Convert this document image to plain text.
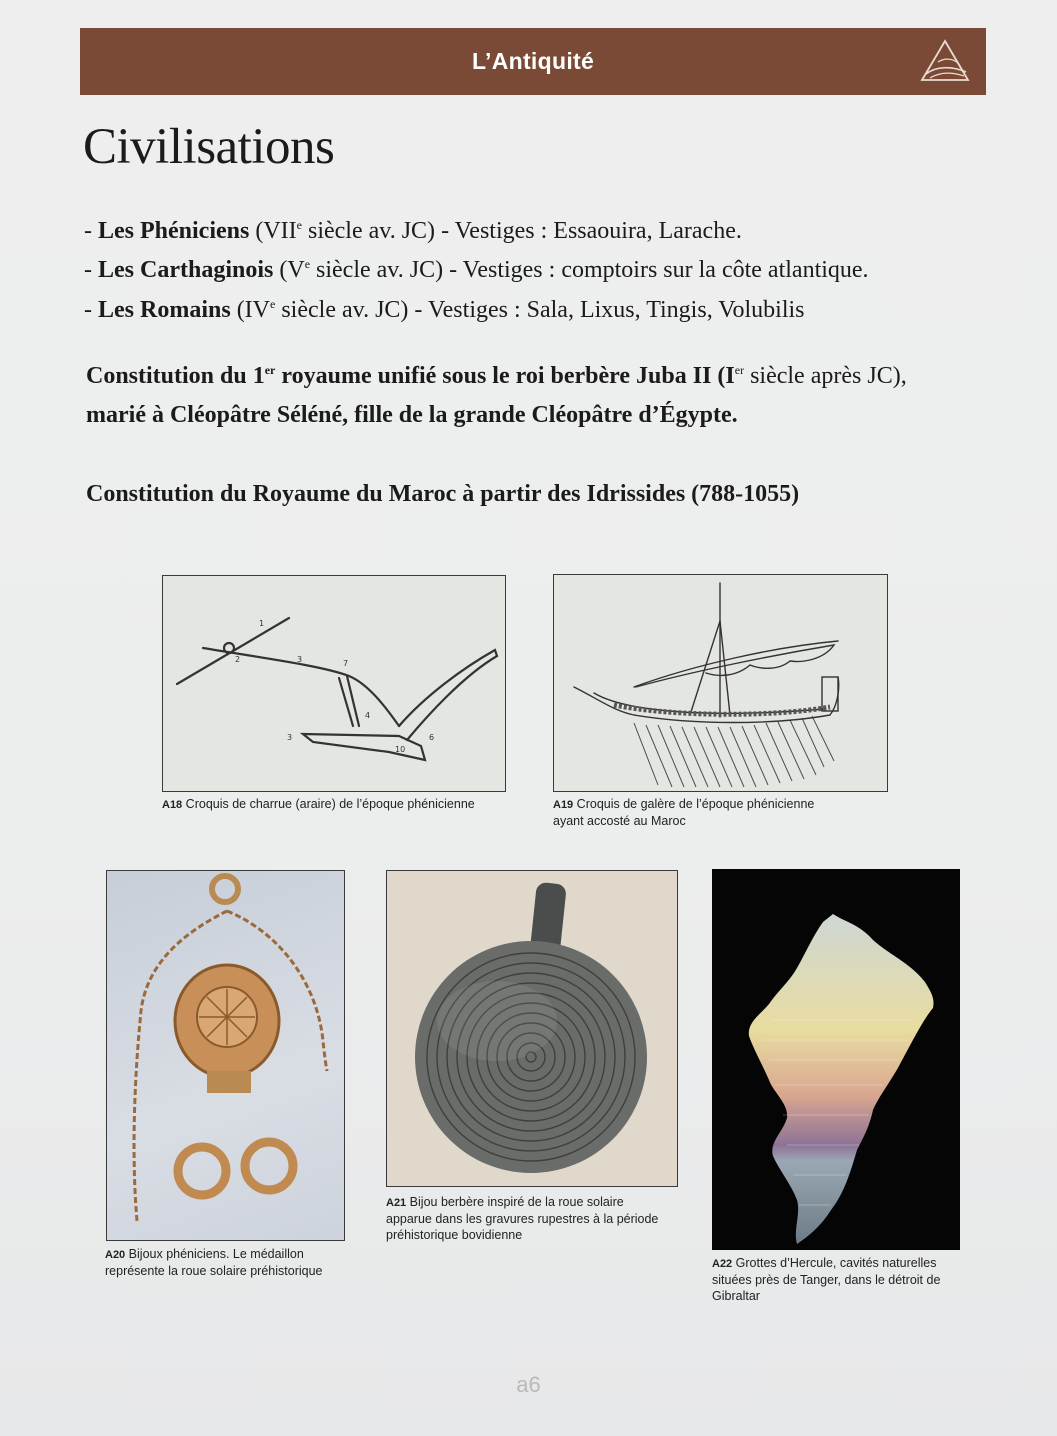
L’Antiquité
Civilisations
- Les Phéniciens (VIIe siècle av. JC) - Vestiges : Essaouira, Larache.
- Les Carthaginois (Ve siècle av. JC) - Vestiges : comptoirs sur la côte atlantique.
- Les Romains (IVe siècle av. JC) - Vestiges : Sala, Lixus, Tingis, Volubilis
Constitution du 1er royaume unifié sous le roi berbère Juba II (Ier siècle après JC),
marié à Cléopâtre Séléné, fille de la grande Cléopâtre d’Égypte.
Constitution du Royaume du Maroc à partir des Idrissides (788-1055)
1
2	3	7
4
3
10
6
A18 Croquis de charrue (araire) de l’époque phénicienne	A19 Croquis de galère de l’époque phénicienne
ayant accosté au Maroc
A20 Bijoux phéniciens. Le médaillon
représente la roue solaire préhistorique
A21 Bijou berbère inspiré de la roue solaire
apparue dans les gravures rupestres à la période
préhistorique bovidienne
A22 Grottes d’Hercule, cavités naturelles
situées près de Tanger, dans le détroit de
Gibraltar
a6
